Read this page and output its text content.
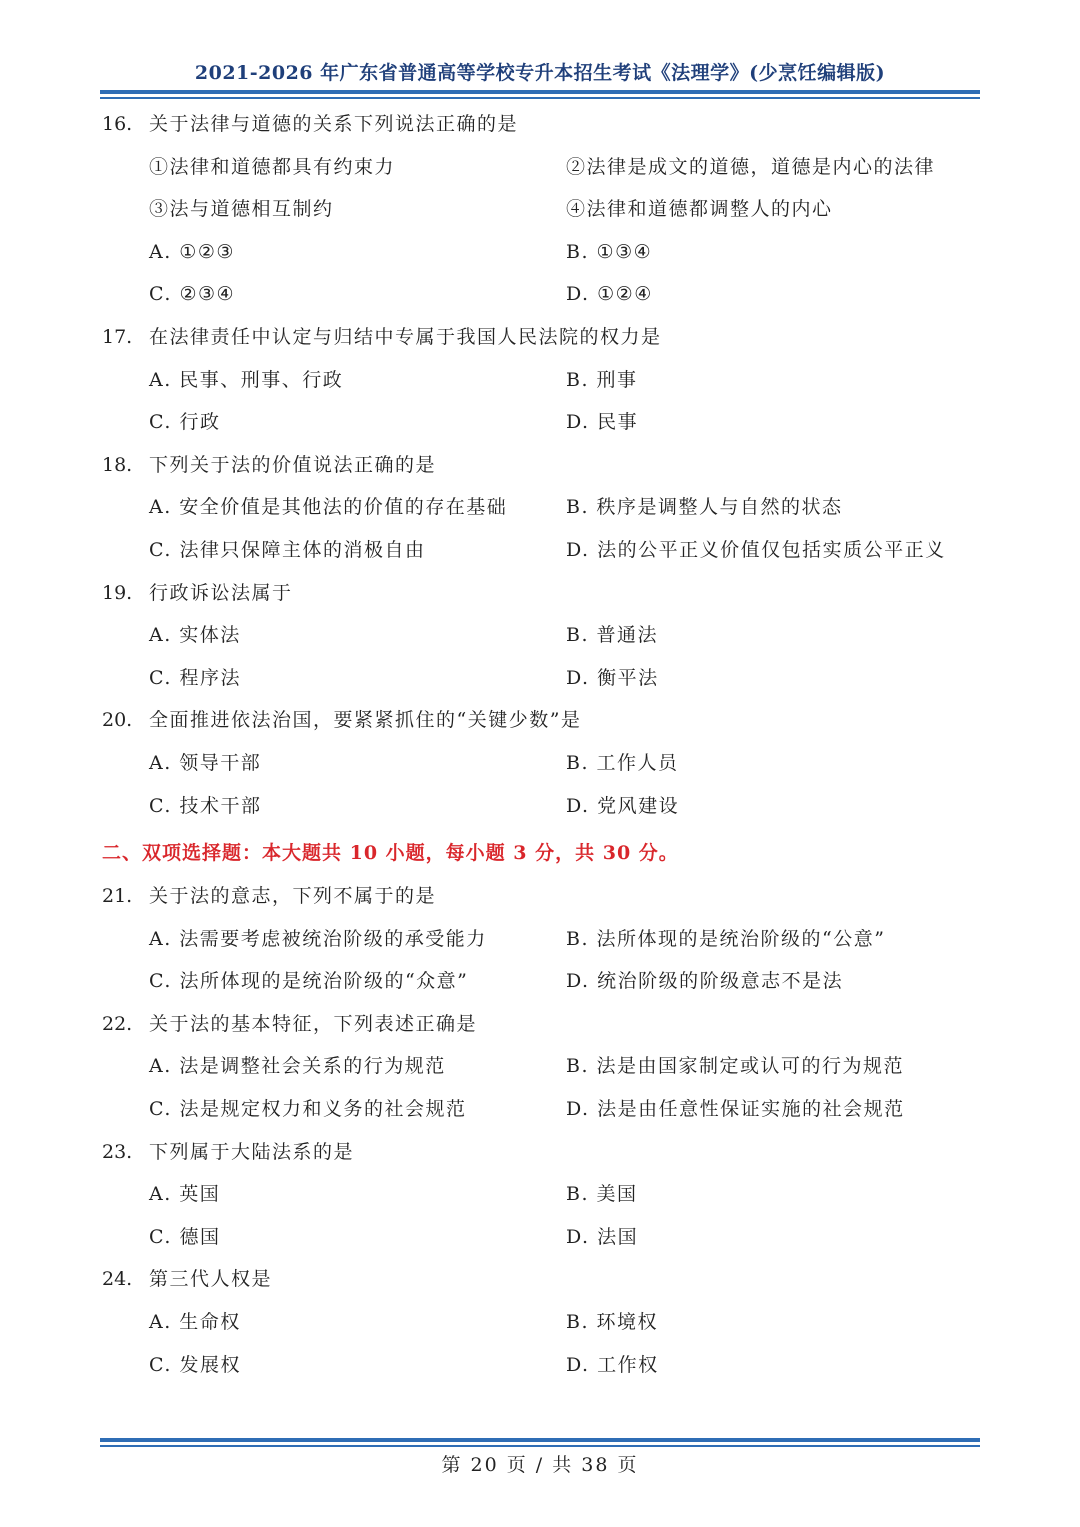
2021-2026 年广东省普通高等学校专升本招生考试《法理学》(少烹饪编辑版)
16. 关于法律与道德的关系下列说法正确的是
①法律和道德都具有约束力	②法律是成文的道德，道德是内心的法律
③法与道德相互制约	④法律和道德都调整人的内心
A. ①②③	B. ①③④
C. ②③④	D. ①②④
17. 在法律责任中认定与归结中专属于我国人民法院的权力是
A. 民事、刑事、行政	B. 刑事
C. 行政	D. 民事
18. 下列关于法的价值说法正确的是
A. 安全价值是其他法的价值的存在基础	B. 秩序是调整人与自然的状态
C. 法律只保障主体的消极自由	D. 法的公平正义价值仅包括实质公平正义
19. 行政诉讼法属于
A. 实体法	B. 普通法
C. 程序法	D. 衡平法
20. 全面推进依法治国，要紧紧抓住的“关键少数”是
A. 领导干部	B. 工作人员
C. 技术干部	D. 党风建设
二、双项选择题：本大题共 10 小题，每小题 3 分，共 30 分。
21. 关于法的意志，下列不属于的是
A. 法需要考虑被统治阶级的承受能力	B. 法所体现的是统治阶级的“公意”
C. 法所体现的是统治阶级的“众意”	D. 统治阶级的阶级意志不是法
22. 关于法的基本特征，下列表述正确是
A. 法是调整社会关系的行为规范	B. 法是由国家制定或认可的行为规范
C. 法是规定权力和义务的社会规范	D. 法是由任意性保证实施的社会规范
23. 下列属于大陆法系的是
A. 英国	B. 美国
C. 德国	D. 法国
24. 第三代人权是
A. 生命权	B. 环境权
C. 发展权	D. 工作权
第 20 页 / 共 38 页
